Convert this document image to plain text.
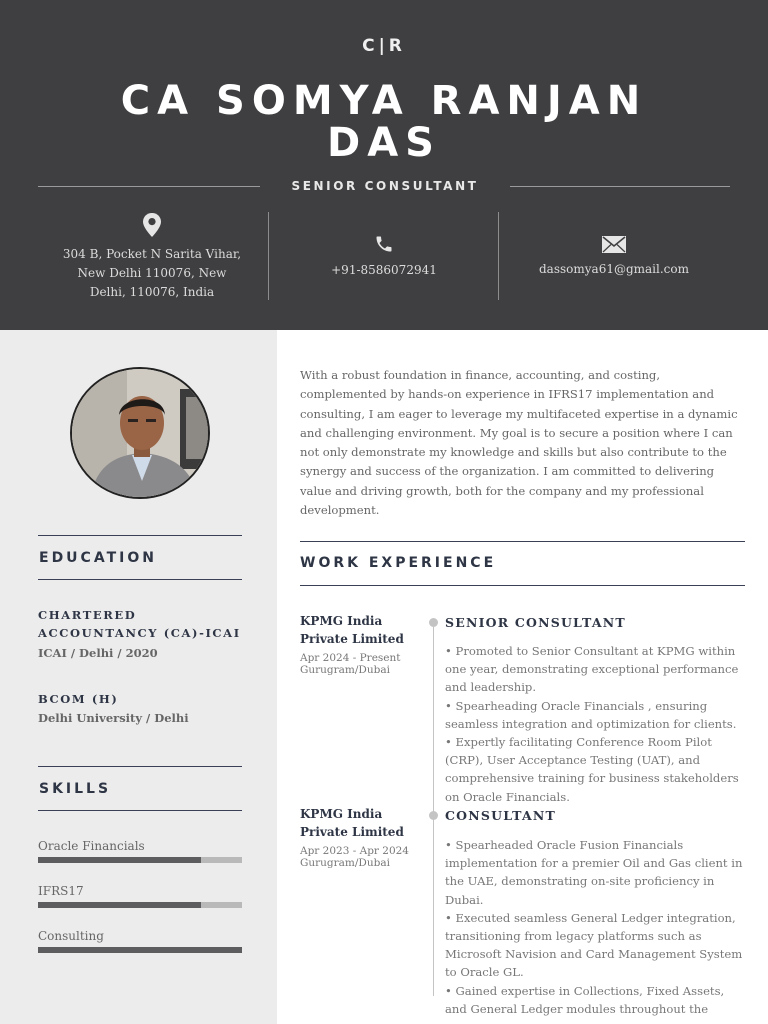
C|R
CA SOMYA RANJAN DAS
SENIOR CONSULTANT
304 B, Pocket N Sarita Vihar, New Delhi 110076, New Delhi, 110076, India
+91-8586072941	dassomya61@gmail.com
EDUCATION
CHARTERED ACCOUNTANCY (CA)-ICAI
ICAI / Delhi / 2020
BCOM (H)
Delhi University / Delhi
SKILLS
Oracle Financials
IFRS17
Consulting
With a robust foundation in finance, accounting, and costing, complemented by hands-on experience in IFRS17 implementation and consulting, I am eager to leverage my multifaceted expertise in a dynamic and challenging environment. My goal is to secure a position where I can not only demonstrate my knowledge and skills but also contribute to the synergy and success of the organization. I am committed to delivering value and driving growth, both for the company and my professional development.
WORK EXPERIENCE
KPMG India Private Limited
Apr 2024 - Present
Gurugram/Dubai
SENIOR CONSULTANT
• Promoted to Senior Consultant at KPMG within one year, demonstrating exceptional performance and leadership.
• Spearheading Oracle Financials , ensuring seamless integration and optimization for clients.
• Expertly facilitating Conference Room Pilot (CRP), User Acceptance Testing (UAT), and comprehensive training for business stakeholders on Oracle Financials.
KPMG India Private Limited
Apr 2023 - Apr 2024
Gurugram/Dubai
CONSULTANT
• Spearheaded Oracle Fusion Financials implementation for a premier Oil and Gas client in the UAE, demonstrating on-site proficiency in Dubai.
• Executed seamless General Ledger integration, transitioning from legacy platforms such as Microsoft Navision and Card Management System to Oracle GL.
• Gained expertise in Collections, Fixed Assets, and General Ledger modules throughout the
